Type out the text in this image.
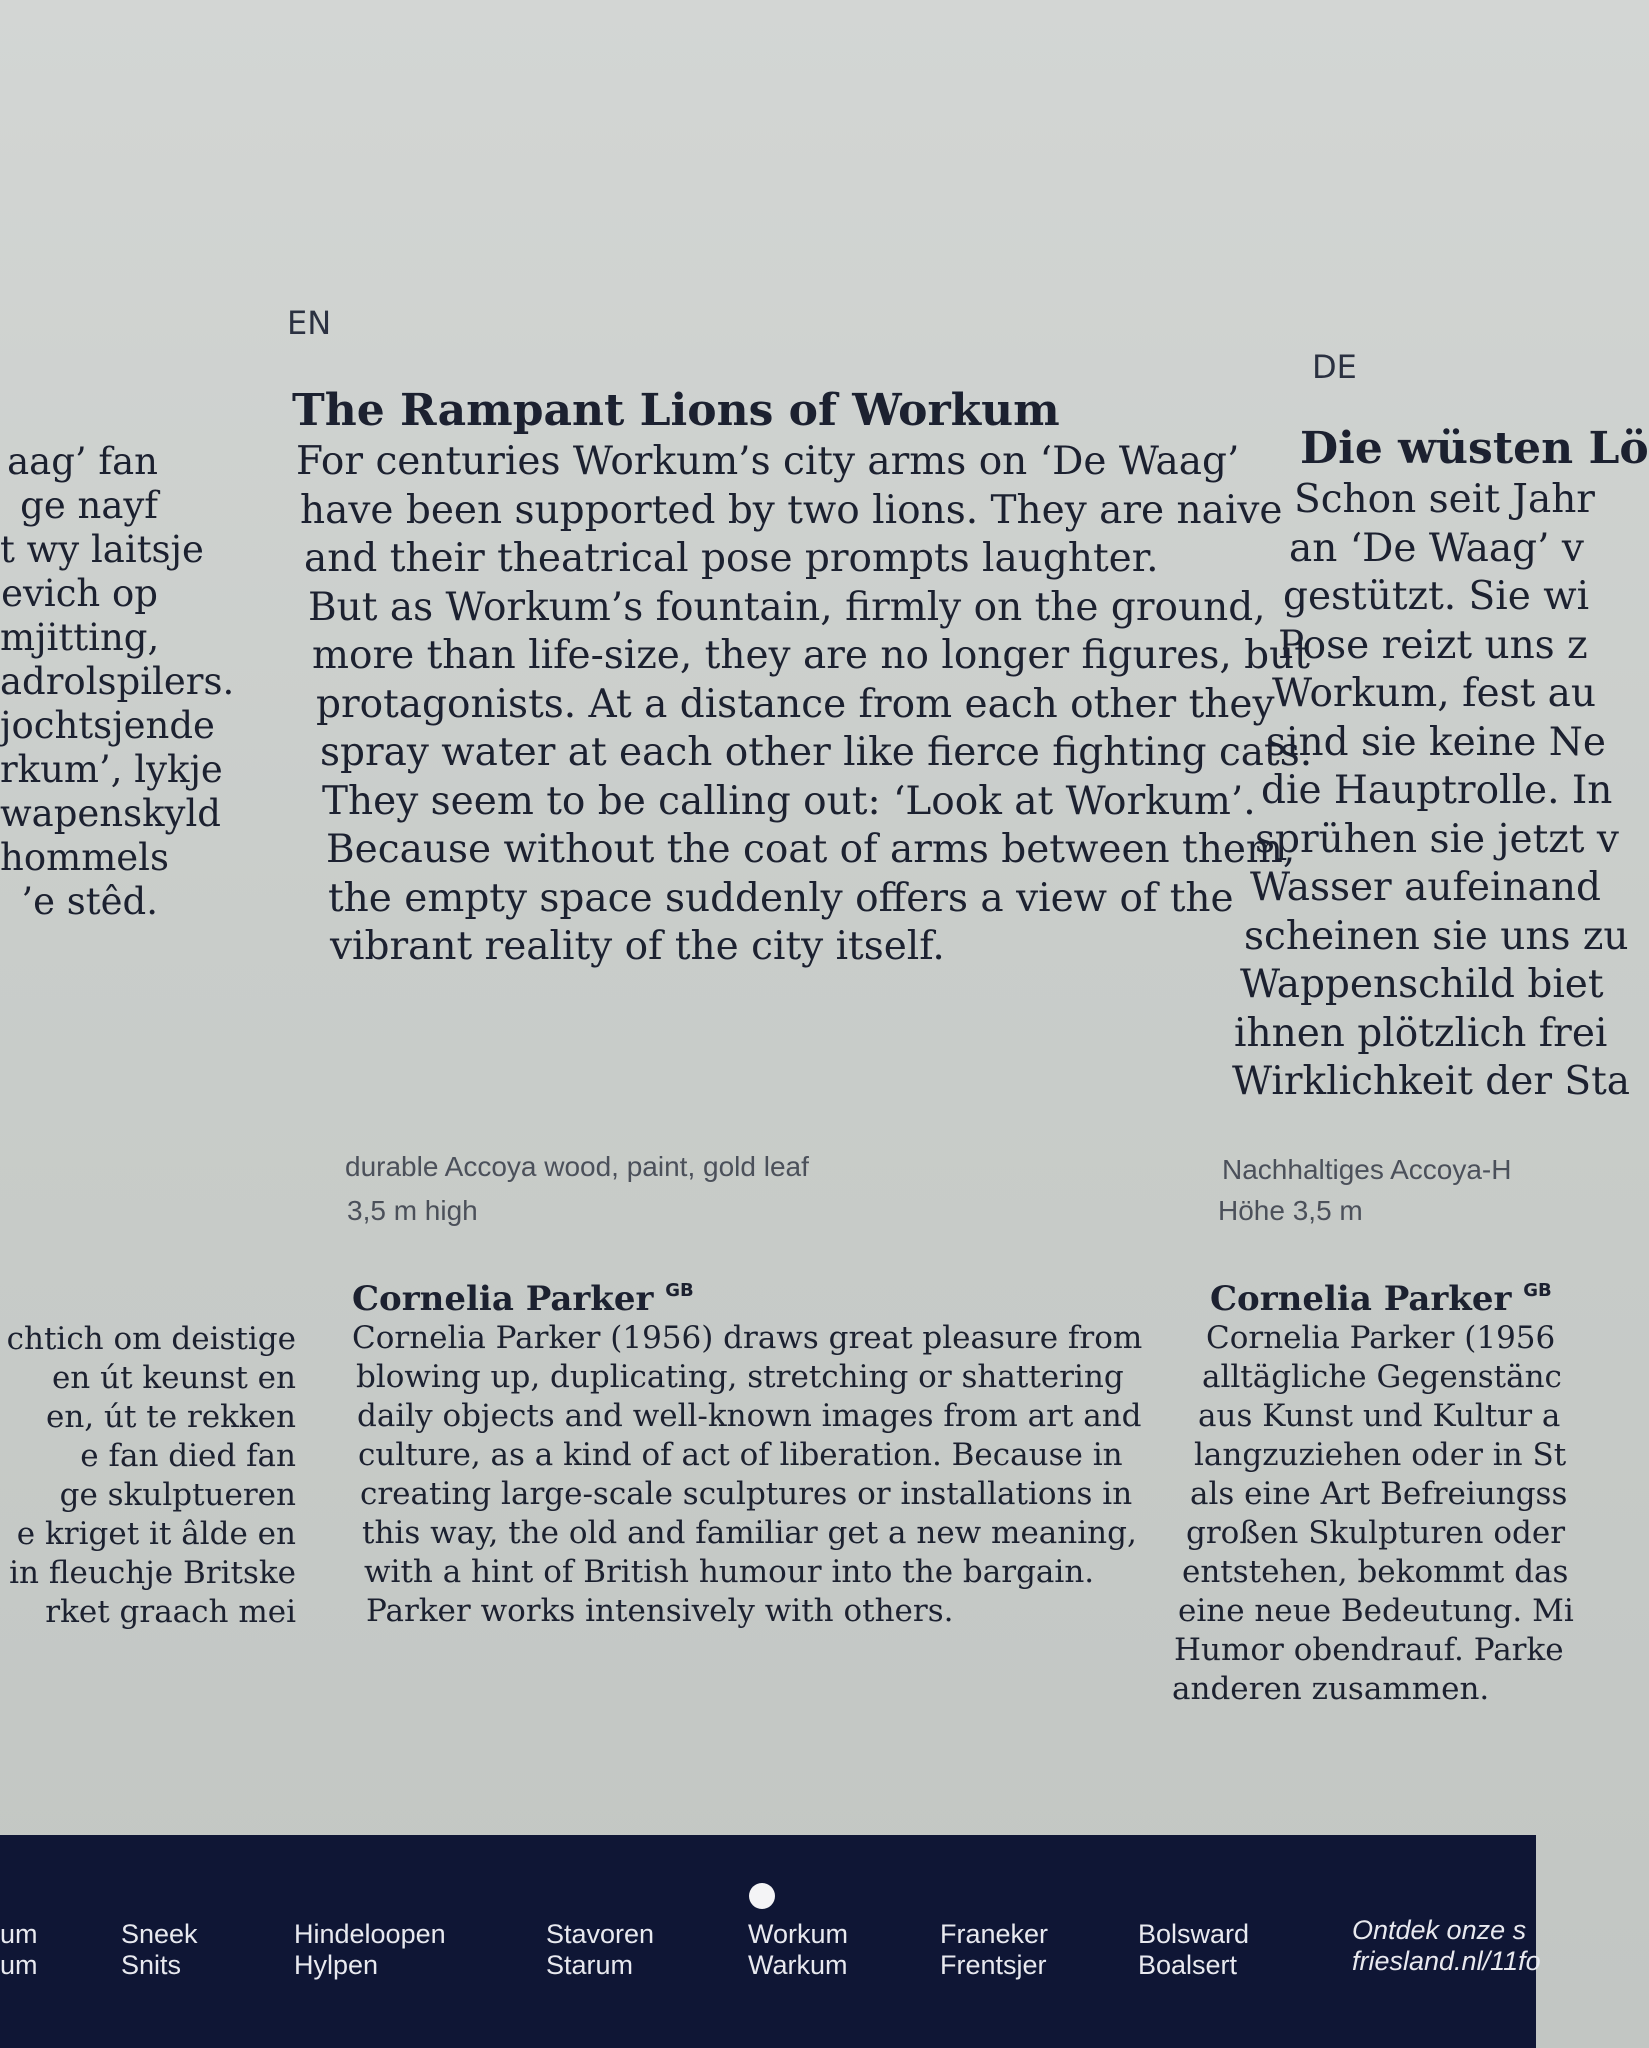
aag’ fan
ge nayf
t wy laitsje
evich op
mjitting,
adrolspilers.
jochtsjende
rkum’, lykje
wapenskyld
hommels
’e stêd.
chtich om deistige
en út keunst en
en, út te rekken
e fan died fan
ge skulptueren
e kriget it âlde en
in fleuchje Britske
rket graach mei
EN
The Rampant Lions of Workum
For centuries Workum’s city arms on ‘De Waag’
have been supported by two lions. They are naive
and their theatrical pose prompts laughter.
But as Workum’s fountain, firmly on the ground,
more than life-size, they are no longer figures, but
protagonists. At a distance from each other they
spray water at each other like fierce fighting cats.
They seem to be calling out: ‘Look at Workum’.
Because without the coat of arms between them,
the empty space suddenly offers a view of the
vibrant reality of the city itself.
durable Accoya wood, paint, gold leaf
3,5 m high
Cornelia Parker $^{GB}$
Cornelia Parker (1956) draws great pleasure from
blowing up, duplicating, stretching or shattering
daily objects and well-known images from art and
culture, as a kind of act of liberation. Because in
creating large-scale sculptures or installations in
this way, the old and familiar get a new meaning,
with a hint of British humour into the bargain.
Parker works intensively with others.
DE
Die wüsten Lö
Schon seit Jahr
an ‘De Waag’ v
gestützt. Sie wi
Pose reizt uns z
Workum, fest au
sind sie keine Ne
die Hauptrolle. In
sprühen sie jetzt v
Wasser aufeinand
scheinen sie uns zu
Wappenschild biet
ihnen plötzlich frei
Wirklichkeit der Sta
Nachhaltiges Accoya-H
Höhe 3,5 m
Cornelia Parker $^{GB}$
Cornelia Parker (1956
alltägliche Gegenstänc
aus Kunst und Kultur a
langzuziehen oder in St
als eine Art Befreiungss
großen Skulpturen oder
entstehen, bekommt das
eine neue Bedeutung. Mi
Humor obendrauf. Parke
anderen zusammen.
um
um
Sneek
Snits
Hindeloopen
Hylpen
Stavoren
Starum
Workum
Warkum
Franeker
Frentsjer
Bolsward
Boalsert
Ontdek onze s
friesland.nl/11fo
